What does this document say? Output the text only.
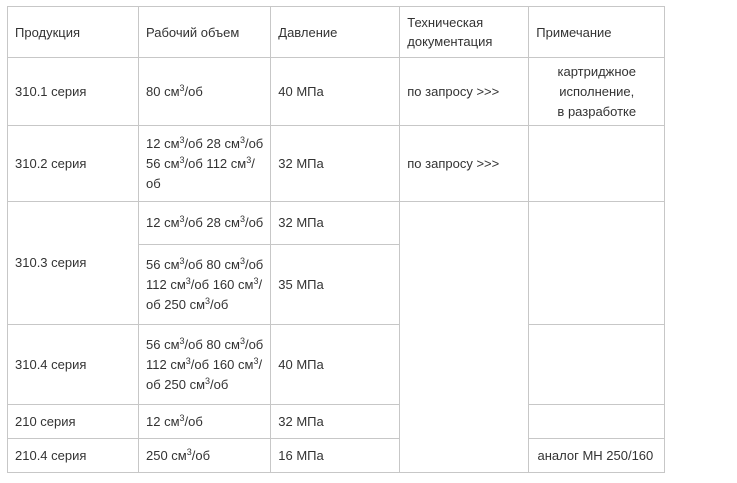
Продукция	Рабочий объем	Давление	Техническая документация	Примечание
310.1 серия	80 $см^3/об$	40 МПа	по запросу >>>	картриджное
исполнение,
в разработке

310.2 серия	12 $см^3/об$ 28 $см^3/об$
56 $см^3/об$ 112 $см^3/$
об	32 МПа	по запросу >>>	
310.3 серия	12 $см^3/об$ 28 $см^3/об$	32 МПа		

	56 $см^3/об$ 80 $см^3/об$
112 $см^3/об$ 160 $см^3/$
об 250 $см^3/об$	35 МПа		
310.4 серия	56 $см^3/об$ 80 $см^3/об$
112 $см^3/об$ 160 $см^3/$
об 250 $см^3/об$	40 МПа		
210 серия	12 $см^3/об$	32 МПа		
210.4 серия	250 $см^3/об$	16 МПа		аналог МН 250/160
